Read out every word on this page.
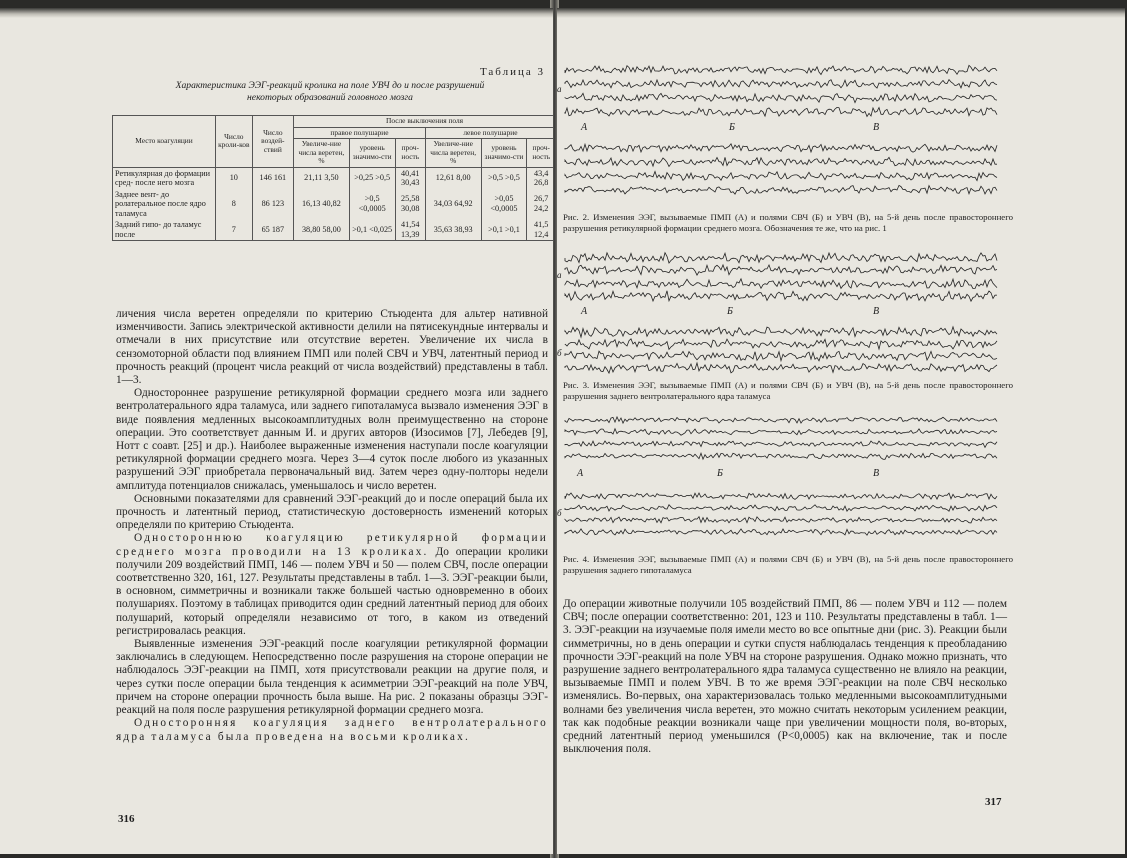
Таблица 3
Характеристика ЭЭГ-реакций кролика на поле УВЧ до и после разрушений
некоторых образований головного мозга
Место коагуляции	Число кроли-ков	Число воздей-ствий	После выключения поля					
			правое полушарие			левое полушарие		
			Увеличе-ние числа веретен, %	уровень значимо-сти	проч-ность	Увеличе-ние числа веретен, %	уровень значимо-сти	проч-ность
Ретикулярная до формации сред- после него мозга	10	146 161	21,11 3,50	>0,25 >0,5	40,41 30,43	12,61 8,00	>0,5 >0,5	43,4 26,8
Заднее вент- до ролатеральное после ядро таламуса	8	86 123	16,13 40,82	>0,5 <0,0005	25,58 30,08	34,03 64,92	>0,05 <0,0005	26,7 24,2
Задний гипо- до таламус после	7	65 187	38,80 58,00	>0,1 <0,025	41,54 13,39	35,63 38,93	>0,1 >0,1	41,5 12,4

личения числа веретен определяли по критерию Стьюдента для альтер нативной изменчивости. Запись электрической активности делили на пятисекундные интервалы и отмечали в них присутствие или отсутствие веретен. Увеличение их числа в сензомоторной области под влиянием ПМП или полей СВЧ и УВЧ, латентный период и прочность реакций (процент числа реакций от числа воздействий) представлены в табл. 1—3.

Одностороннее разрушение ретикулярной формации среднего мозга или заднего вентролатерального ядра таламуса, или заднего гипоталамуса вызвало изменения ЭЭГ в виде появления медленных высокоамплитудных волн преимущественно на стороне операции. Это соответствует данным И. и других авторов (Изосимов [7], Лебедев [9], Нотт с соавт. [25] и др.). Наиболее выраженные изменения наступали после коагуляции ретикулярной формации среднего мозга. Через 3—4 суток после любого из указанных разрушений ЭЭГ приобретала первоначальный вид. Затем через одну-полторы недели амплитуда потенциалов снижалась, уменьшалось и число веретен.

Основными показателями для сравнений ЭЭГ-реакций до и после операций была их прочность и латентный период, статистическую достоверность изменений которых определяли по критерию Стьюдента.

Одностороннюю коагуляцию ретикулярной формации среднего мозга проводили на 13 кроликах. До операции кролики получили 209 воздействий ПМП, 146 — полем УВЧ и 50 — полем СВЧ, после операции соответственно 320, 161, 127. Результаты представлены в табл. 1—3. ЭЭГ-реакции были, в основном, симметричны и возникали также большей частью одновременно в обоих полушариях. Поэтому в таблицах приводится один средний латентный период для обоих полушарий, который определяли независимо от того, в каком из отведений регистрировалась реакция.

Выявленные изменения ЭЭГ-реакций после коагуляции ретикулярной формации заключались в следующем. Непосредственно после разрушения на стороне операции не наблюдалось ЭЭГ-реакции на ПМП, хотя присутствовали реакции на другие поля, и через сутки после операции была тенденция к асимметрии ЭЭГ-реакций на поле УВЧ, причем на стороне операции прочность была выше. На рис. 2 показаны образцы ЭЭГ-реакций на поля после разрушения ретикулярной формации среднего мозга.

Односторонняя коагуляция заднего вентролатерального ядра таламуса была проведена на восьми кроликах.

316
а
А	Б	В
Рис. 2. Изменения ЭЭГ, вызываемые ПМП (А) и полями СВЧ (Б) и УВЧ (В), на 5-й день после правостороннего разрушения ретикулярной формации среднего мозга. Обозначения те же, что на рис. 1
а
б
А	Б	В
Рис. 3. Изменения ЭЭГ, вызываемые ПМП (А) и полями СВЧ (Б) и УВЧ (В), на 5-й день после правостороннего разрушения заднего вентролатерального ядра таламуса
б
А	Б	В
Рис. 4. Изменения ЭЭГ, вызываемые ПМП (А) и полями СВЧ (Б) и УВЧ (В), на 5-й день после правостороннего разрушения заднего гипоталамуса

До операции животные получили 105 воздействий ПМП, 86 — полем УВЧ и 112 — полем СВЧ; после операции соответственно: 201, 123 и 110. Результаты представлены в табл. 1—3. ЭЭГ-реакции на изучаемые поля имели место во все опытные дни (рис. 3). Реакции были симметричны, но в день операции и сутки спустя наблюдалась тенденция к преобладанию прочности ЭЭГ-реакций на поле УВЧ на стороне разрушения. Однако можно признать, что разрушение заднего вентролатерального ядра таламуса существенно не влияло на реакции, вызываемые ПМП и полем УВЧ. В то же время ЭЭГ-реакции на поле СВЧ несколько изменялись. Во-первых, она характеризовалась только медленными высокоамплитудными волнами без увеличения числа веретен, это можно считать некоторым усилением реакции, так как подобные реакции возникали чаще при увеличении мощности поля, во-вторых, средний латентный период уменьшился (P<0,0005) как на включение, так и после выключения поля.

317
